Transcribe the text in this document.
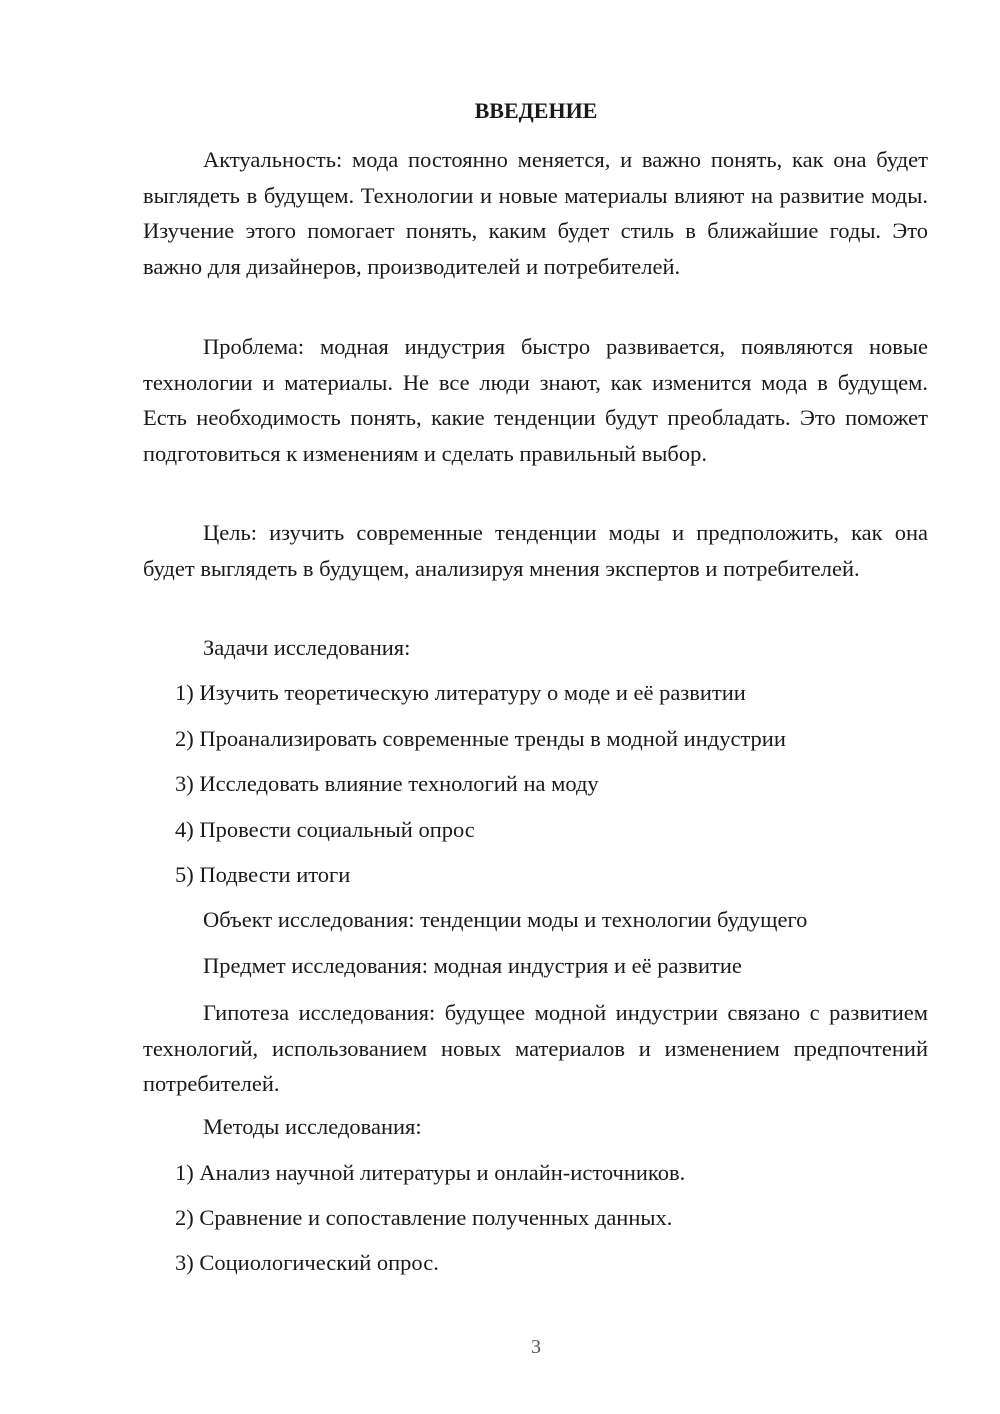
ВВЕДЕНИЕ

Актуальность: мода постоянно меняется, и важно понять, как она будет выглядеть в будущем. Технологии и новые материалы влияют на развитие моды. Изучение этого помогает понять, каким будет стиль в ближайшие годы. Это важно для дизайнеров, производителей и потребителей.

Проблема: модная индустрия быстро развивается, появляются новые технологии и материалы. Не все люди знают, как изменится мода в будущем. Есть необходимость понять, какие тенденции будут преобладать. Это поможет подготовиться к изменениям и сделать правильный выбор.

Цель: изучить современные тенденции моды и предположить, как она будет выглядеть в будущем, анализируя мнения экспертов и потребителей.

Задачи исследования:

1) Изучить теоретическую литературу о моде и её развитии

2) Проанализировать современные тренды в модной индустрии

3) Исследовать влияние технологий на моду

4) Провести социальный опрос

5) Подвести итоги

Объект исследования: тенденции моды и технологии будущего

Предмет исследования: модная индустрия и её развитие

Гипотеза исследования: будущее модной индустрии связано с развитием технологий, использованием новых материалов и изменением предпочтений потребителей.

Методы исследования:

1) Анализ научной литературы и онлайн-источников.

2) Сравнение и сопоставление полученных данных.

3) Социологический опрос.

3
